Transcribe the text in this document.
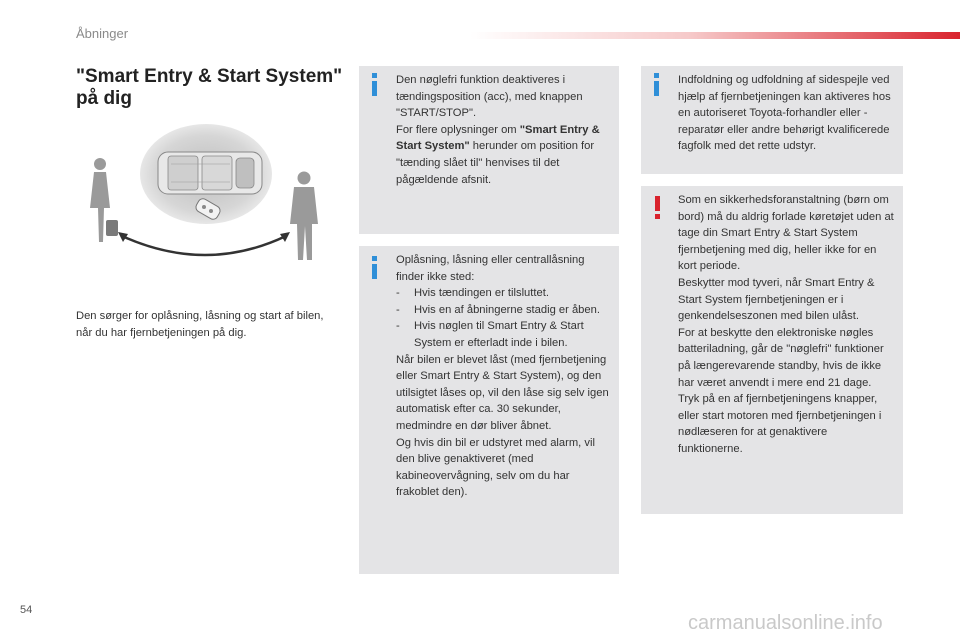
Åbninger
"Smart Entry & Start System"
på dig

Den sørger for oplåsning, låsning og start af bilen, når du har fjernbetjeningen på dig.

Den nøglefri funktion deaktiveres i tændingsposition (acc), med knappen "START/STOP".

For flere oplysninger om "Smart Entry & Start System" herunder om position for "tænding slået til" henvises til det pågældende afsnit.

Oplåsning, låsning eller centrallåsning finder ikke sted:

- Hvis tændingen er tilsluttet.

- Hvis en af åbningerne stadig er åben.

- Hvis nøglen til Smart Entry & Start System er efterladt inde i bilen.

Når bilen er blevet låst (med fjernbetjening eller Smart Entry & Start System), og den utilsigtet låses op, vil den låse sig selv igen automatisk efter ca. 30 sekunder, medmindre en dør bliver åbnet.

Og hvis din bil er udstyret med alarm, vil den blive genaktiveret (med kabineovervågning, selv om du har frakoblet den).

Indfoldning og udfoldning af sidespejle ved hjælp af fjernbetjeningen kan aktiveres hos en autoriseret Toyota-forhandler eller -reparatør eller andre behørigt kvalificerede fagfolk med det rette udstyr.

Som en sikkerhedsforanstaltning (børn om bord) må du aldrig forlade køretøjet uden at tage din Smart Entry & Start System fjernbetjening med dig, heller ikke for en kort periode.

Beskytter mod tyveri, når Smart Entry & Start System fjernbetjeningen er i genkendelseszonen med bilen ulåst.

For at beskytte den elektroniske nøgles batteriladning, går de "nøglefri" funktioner på længerevarende standby, hvis de ikke har været anvendt i mere end 21 dage.

Tryk på en af fjernbetjeningens knapper, eller start motoren med fjernbetjeningen i nødlæseren for at genaktivere funktionerne.

54
carmanualsonline.info
